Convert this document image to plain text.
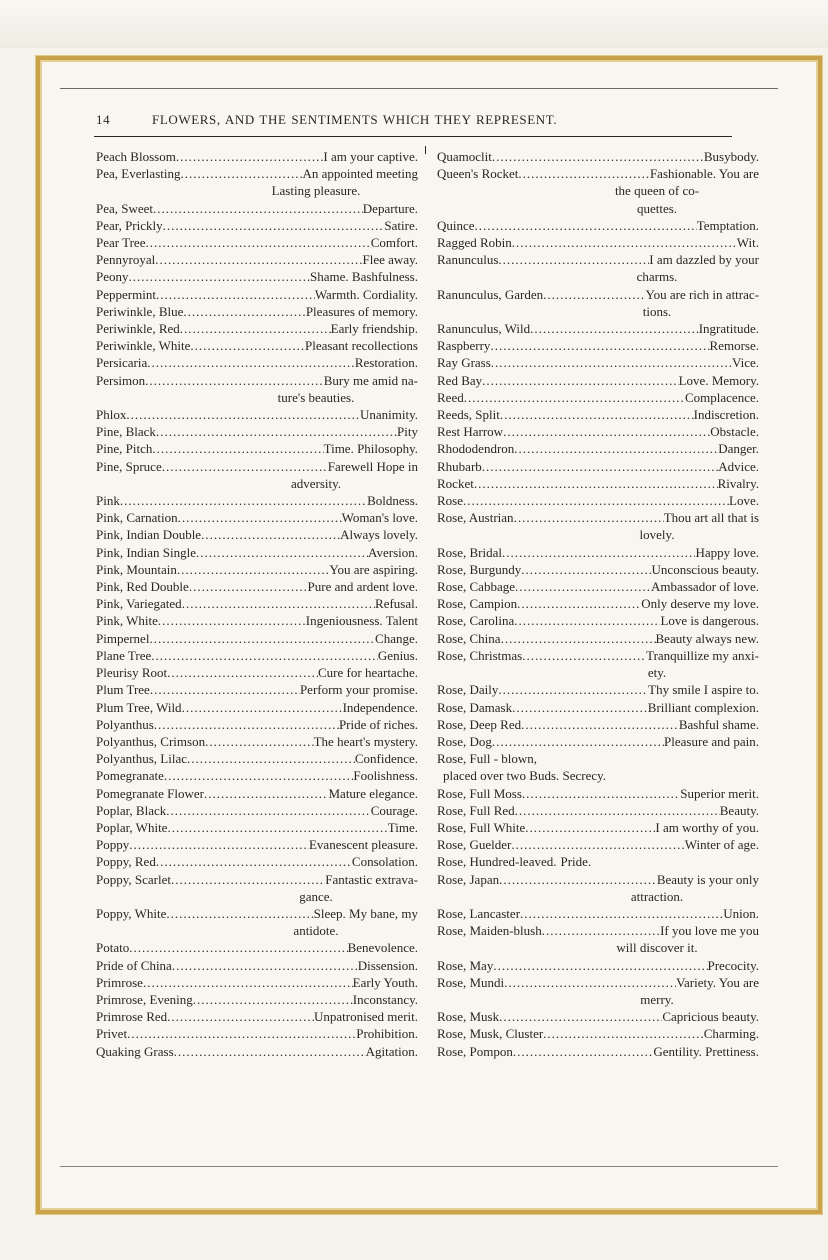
14	FLOWERS, AND THE SENTIMENTS WHICH THEY REPRESENT.
Peach Blossom .....	I am your captive.
Pea, Everlasting .....	An appointed meeting
Lasting pleasure.
Pea, Sweet .....	Departure.
Pear, Prickly .....	Satire.
Pear Tree .....	Comfort.
Pennyroyal .....	Flee away.
Peony .....	Shame. Bashfulness.
Peppermint .....	Warmth. Cordiality.
Periwinkle, Blue .....	Pleasures of memory.
Periwinkle, Red .....	Early friendship.
Periwinkle, White .....	Pleasant recollections
Persicaria .....	Restoration.
Persimon .....	Bury me amid na-
ture's beauties.
Phlox .....	Unanimity.
Pine, Black .....	Pity
Pine, Pitch .....	Time. Philosophy.
Pine, Spruce .....	Farewell Hope in
adversity.
Pink .....	Boldness.
Pink, Carnation .....	Woman's love.
Pink, Indian Double .....	Always lovely.
Pink, Indian Single .....	Aversion.
Pink, Mountain .....	You are aspiring.
Pink, Red Double .....	Pure and ardent love.
Pink, Variegated .....	Refusal.
Pink, White .....	Ingeniousness. Talent
Pimpernel .....	Change.
Plane Tree .....	Genius.
Pleurisy Root .....	Cure for heartache.
Plum Tree .....	Perform your promise.
Plum Tree, Wild .....	Independence.
Polyanthus .....	Pride of riches.
Polyanthus, Crimson .....	The heart's mystery.
Polyanthus, Lilac .....	Confidence.
Pomegranate .....	Foolishness.
Pomegranate Flower .....	Mature elegance.
Poplar, Black .....	Courage.
Poplar, White .....	Time.
Poppy .....	Evanescent pleasure.
Poppy, Red .....	Consolation.
Poppy, Scarlet .....	Fantastic extrava-
gance.
Poppy, White .....	Sleep. My bane, my
antidote.
Potato .....	Benevolence.
Pride of China .....	Dissension.
Primrose .....	Early Youth.
Primrose, Evening .....	Inconstancy.
Primrose Red .....	Unpatronised merit.
Privet .....	Prohibition.
Quaking Grass .....	Agitation.
Quamoclit .....	Busybody.
Queen's Rocket .....	Fashionable. You are
the queen of co-
quettes.
Quince .....	Temptation.
Ragged Robin .....	Wit.
Ranunculus .....	I am dazzled by your
charms.
Ranunculus, Garden .....	You are rich in attrac-
tions.
Ranunculus, Wild .....	Ingratitude.
Raspberry .....	Remorse.
Ray Grass .....	Vice.
Red Bay .....	Love. Memory.
Reed .....	Complacence.
Reeds, Split .....	Indiscretion.
Rest Harrow .....	Obstacle.
Rhododendron .....	Danger.
Rhubarb .....	Advice.
Rocket .....	Rivalry.
Rose .....	Love.
Rose, Austrian .....	Thou art all that is
lovely.
Rose, Bridal .....	Happy love.
Rose, Burgundy .....	Unconscious beauty.
Rose, Cabbage .....	Ambassador of love.
Rose, Campion .....	Only deserve my love.
Rose, Carolina .....	Love is dangerous.
Rose, China .....	Beauty always new.
Rose, Christmas .....	Tranquillize my anxi-
ety.
Rose, Daily .....	Thy smile I aspire to.
Rose, Damask .....	Brilliant complexion.
Rose, Deep Red .....	Bashful shame.
Rose, Dog .....	Pleasure and pain.
Rose, Full - blown,
placed over two Buds. Secrecy.
Rose, Full Moss .....	Superior merit.
Rose, Full Red .....	Beauty.
Rose, Full White .....	I am worthy of you.
Rose, Guelder .....	Winter of age.
Rose, Hundred-leaved. Pride.
Rose, Japan .....	Beauty is your only
attraction.
Rose, Lancaster .....	Union.
Rose, Maiden-blush .....	If you love me you
will discover it.
Rose, May .....	Precocity.
Rose, Mundi .....	Variety. You are
merry.
Rose, Musk .....	Capricious beauty.
Rose, Musk, Cluster .....	Charming.
Rose, Pompon .....	Gentility. Prettiness.
